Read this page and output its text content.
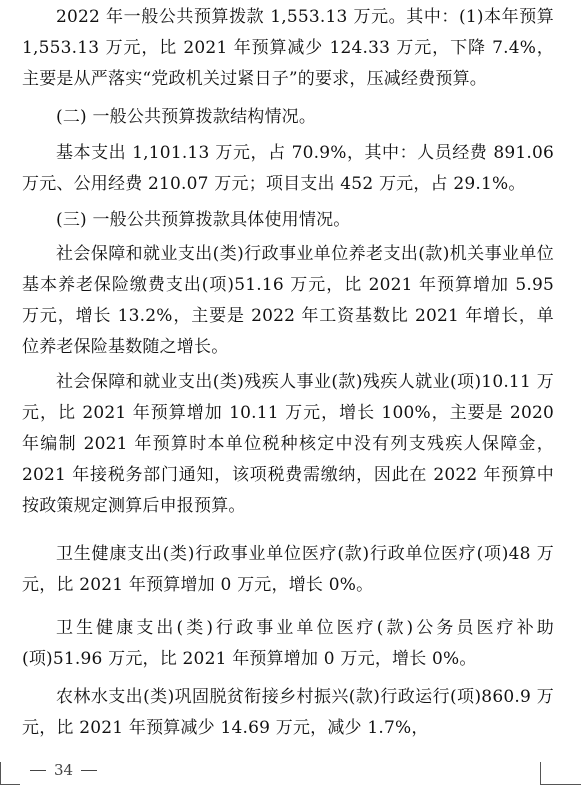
2022 年一般公共预算拨款 1,553.13 万元。其中：(1)本年预算 1,553.13 万元，比 2021 年预算减少 124.33 万元，下降 7.4%，主要是从严落实“党政机关过紧日子”的要求，压减经费预算。

(二) 一般公共预算拨款结构情况。

基本支出 1,101.13 万元，占 70.9%，其中：人员经费 891.06 万元、公用经费 210.07 万元；项目支出 452 万元，占 29.1%。

(三) 一般公共预算拨款具体使用情况。

社会保障和就业支出(类)行政事业单位养老支出(款)机关事业单位基本养老保险缴费支出(项)51.16 万元，比 2021 年预算增加 5.95 万元，增长 13.2%，主要是 2022 年工资基数比 2021 年增长，单位养老保险基数随之增长。

社会保障和就业支出(类)残疾人事业(款)残疾人就业(项)10.11 万元，比 2021 年预算增加 10.11 万元，增长 100%，主要是 2020 年编制 2021 年预算时本单位税种核定中没有列支残疾人保障金，2021 年接税务部门通知，该项税费需缴纳，因此在 2022 年预算中按政策规定测算后申报预算。

卫生健康支出(类)行政事业单位医疗(款)行政单位医疗(项)48 万元，比 2021 年预算增加 0 万元，增长 0%。

卫生健康支出(类)行政事业单位医疗(款)公务员医疗补助(项)51.96 万元，比 2021 年预算增加 0 万元，增长 0%。

农林水支出(类)巩固脱贫衔接乡村振兴(款)行政运行(项)860.9 万元，比 2021 年预算减少 14.69 万元，减少 1.7%，

34
